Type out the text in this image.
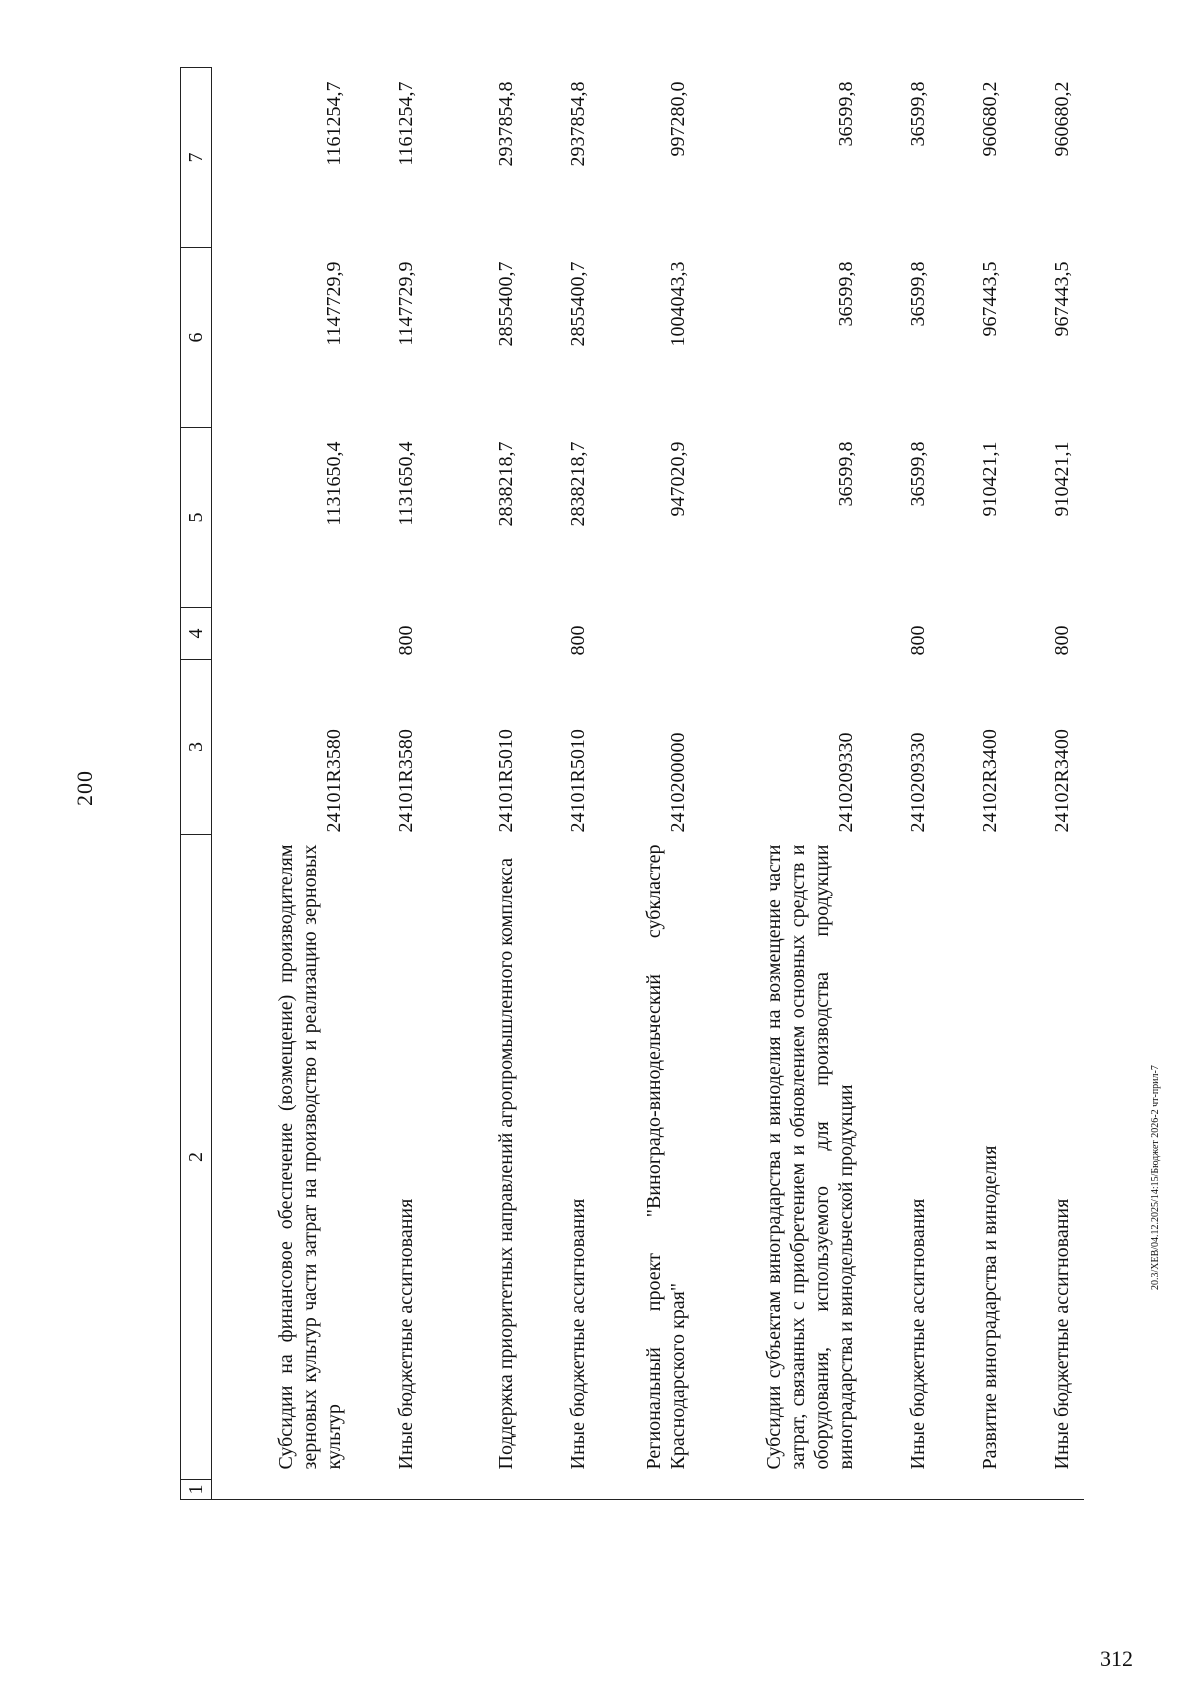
200
1	2	3	4	5	6	7
	Субсидии на финансовое обеспечение (возмещение) производителям зерновых культур части затрат на производство и реализацию зерновых культур	24101R3580		1131650,4	1147729,9	1161254,7
	Иные бюджетные ассигнования	24101R3580	800	1131650,4	1147729,9	1161254,7
	Поддержка приоритетных направлений агропромышленного комплекса	24101R5010		2838218,7	2855400,7	2937854,8
	Иные бюджетные ассигнования	24101R5010	800	2838218,7	2855400,7	2937854,8
	Региональный проект "Виноградо-винодельческий субкластер Краснодарского края"	2410200000		947020,9	1004043,3	997280,0
	Субсидии субъектам виноградарства и виноделия на возмещение части затрат, связанных с приобретением и обновлением основных средств и оборудования, используемого для производства продукции виноградарства и винодельческой продукции	2410209330		36599,8	36599,8	36599,8
	Иные бюджетные ассигнования	2410209330	800	36599,8	36599,8	36599,8
	Развитие виноградарства и виноделия	24102R3400		910421,1	967443,5	960680,2
	Иные бюджетные ассигнования	24102R3400	800	910421,1	967443,5	960680,2
20.3/XЕВ/04.12.2025/14:15/Бюджет 2026-2 чт-прил-7
312
